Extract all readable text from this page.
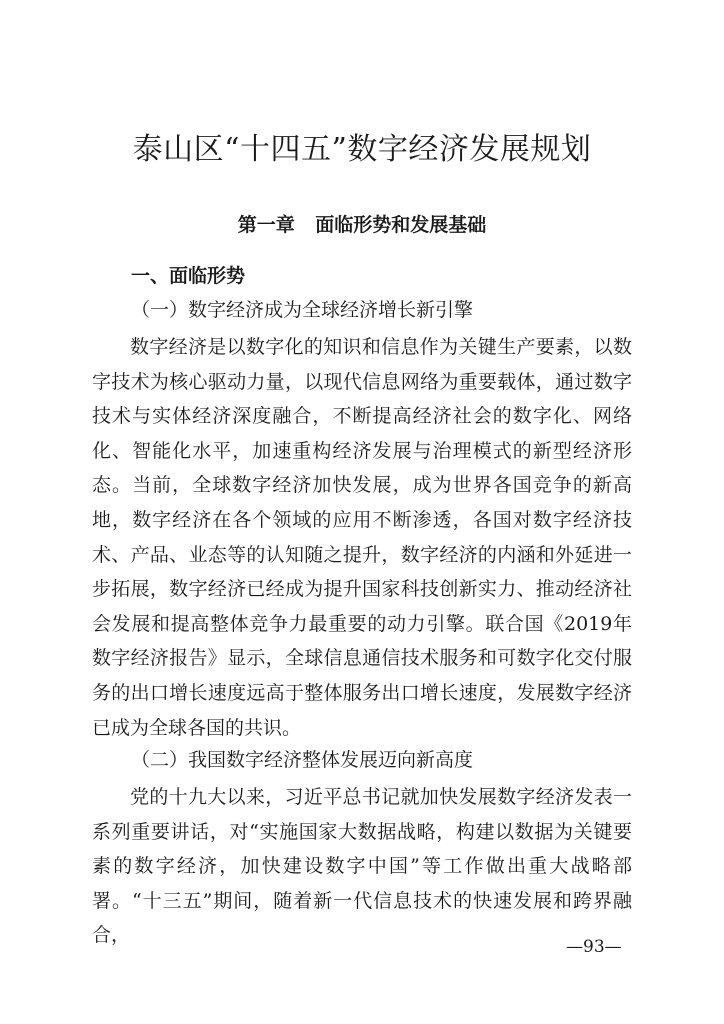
泰山区“十四五”数字经济发展规划
第一章 面临形势和发展基础
一、面临形势
（一）数字经济成为全球经济增长新引擎

数字经济是以数字化的知识和信息作为关键生产要素，以数字技术为核心驱动力量，以现代信息网络为重要载体，通过数字技术与实体经济深度融合，不断提高经济社会的数字化、网络化、智能化水平，加速重构经济发展与治理模式的新型经济形态。当前，全球数字经济加快发展，成为世界各国竞争的新高地，数字经济在各个领域的应用不断渗透，各国对数字经济技术、产品、业态等的认知随之提升，数字经济的内涵和外延进一步拓展，数字经济已经成为提升国家科技创新实力、推动经济社会发展和提高整体竞争力最重要的动力引擎。联合国《2019年数字经济报告》显示，全球信息通信技术服务和可数字化交付服务的出口增长速度远高于整体服务出口增长速度，发展数字经济已成为全球各国的共识。

（二）我国数字经济整体发展迈向新高度

党的十九大以来，习近平总书记就加快发展数字经济发表一系列重要讲话，对“实施国家大数据战略，构建以数据为关键要素的数字经济，加快建设数字中国”等工作做出重大战略部署。“十三五”期间，随着新一代信息技术的快速发展和跨界融合，

—93—
